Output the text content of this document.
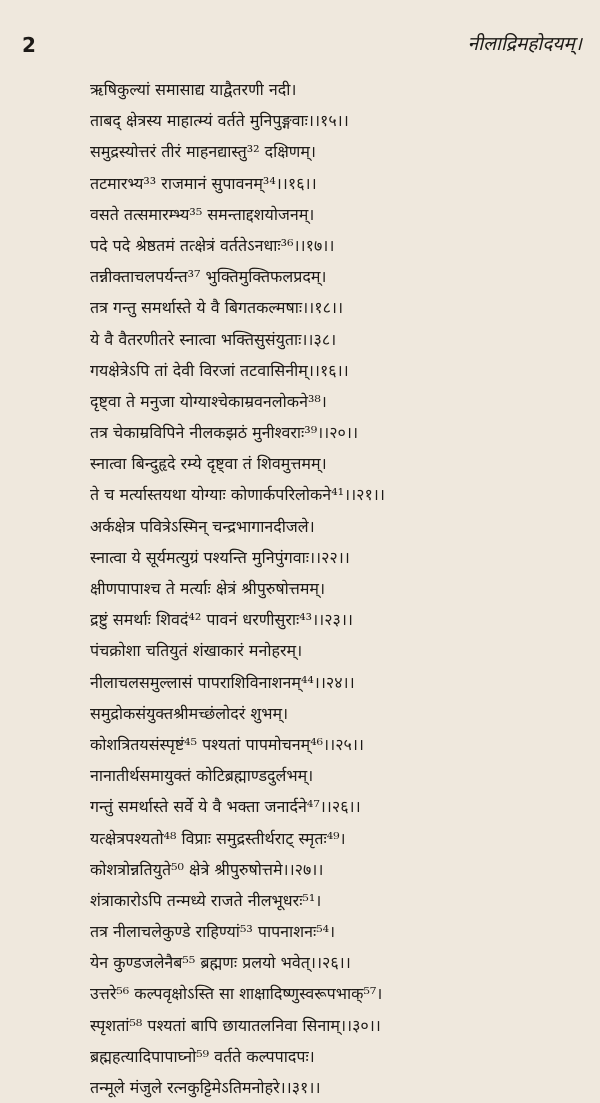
2	नीलाद्रिमहोदयम्।
ऋषिकुल्यां समासाद्य याद्वैतरणी नदी।
ताबद् क्षेत्रस्य माहात्म्यं वर्तते मुनिपुङ्गवाः।।१५।।
समुद्रस्योत्तरं तीरं माहनद्यास्तु³² दक्षिणम्।
तटमारभ्य³³ राजमानं सुपावनम्³⁴।।१६।।
वसते तत्समारम्भ्य³⁵ समन्ताद्दशयोजनम्।
पदे पदे श्रेष्ठतमं तत्क्षेत्रं वर्ततेऽनधाः³⁶।।१७।।
तन्नीक्ताचलपर्यन्त³⁷ भुक्तिमुक्तिफलप्रदम्।
तत्र गन्तु समर्थास्ते ये वै बिगतकल्मषाः।।१८।।
ये वै वैतरणीतरे स्नात्वा भक्तिसुसंयुताः।।३८।
गयक्षेत्रेऽपि तां देवी विरजां तटवासिनीम्।।१६।।
दृष्ट्वा ते मनुजा योग्याश्चेकाम्रवनलोकने³⁸।
तत्र चेकाम्रविपिने नीलकझठं मुनीश्वराः³⁹।।२०।।
स्नात्वा बिन्दुहृदे रम्ये दृष्ट्वा तं शिवमुत्तमम्।
ते च मर्त्यास्तयथा योग्याः कोणार्कपरिलोकने⁴¹।।२१।।
अर्कक्षेत्र पवित्रेऽस्मिन् चन्द्रभागानदीजले।
स्नात्वा ये सूर्यमत्युग्रं पश्यन्ति मुनिपुंगवाः।।२२।।
क्षीणपापाश्च ते मर्त्याः क्षेत्रं श्रीपुरुषोत्तमम्।
द्रष्टुं समर्थाः शिवदं⁴² पावनं धरणीसुराः⁴³।।२३।।
पंचक्रोशा चतियुतं शंखाकारं मनोहरम्।
नीलाचलसमुल्लासं पापराशिविनाशनम्⁴⁴।।२४।।
समुद्रोकसंयुक्तश्रीमच्छंलोदरं शुभम्।
कोशत्रितयसंस्पृष्टं⁴⁵ पश्यतां पापमोचनम्⁴⁶।।२५।।
नानातीर्थसमायुक्तं कोटिब्रह्माण्डदुर्लभम्।
गन्तुं समर्थास्ते सर्वे ये वै भक्ता जनार्दने⁴⁷।।२६।।
यत्क्षेत्रपश्यतो⁴⁸ विप्राः समुद्रस्तीर्थराट् स्मृतः⁴⁹।
कोशत्रोन्नतियुते⁵⁰ क्षेत्रे श्रीपुरुषोत्तमे।।२७।।
शंत्राकारोऽपि तन्मध्ये राजते नीलभूधरः⁵¹।
तत्र नीलाचलेकुण्डे राहिण्यां⁵³ पापनाशनः⁵⁴।
येन कुण्डजलेनैब⁵⁵ ब्रह्मणः प्रलयो भवेत्।।२६।।
उत्तरे⁵⁶ कल्पवृक्षोऽस्ति सा शाक्षादिष्णुस्वरूपभाक्⁵⁷।
स्पृशतां⁵⁸ पश्यतां बापि छायातलनिवा सिनाम्।।३०।।
ब्रह्महत्यादिपापाघ्नो⁵⁹ वर्तते कल्पपादपः।
तन्मूले मंजुले रत्नकुट्टिमेऽतिमनोहरे।।३१।।
